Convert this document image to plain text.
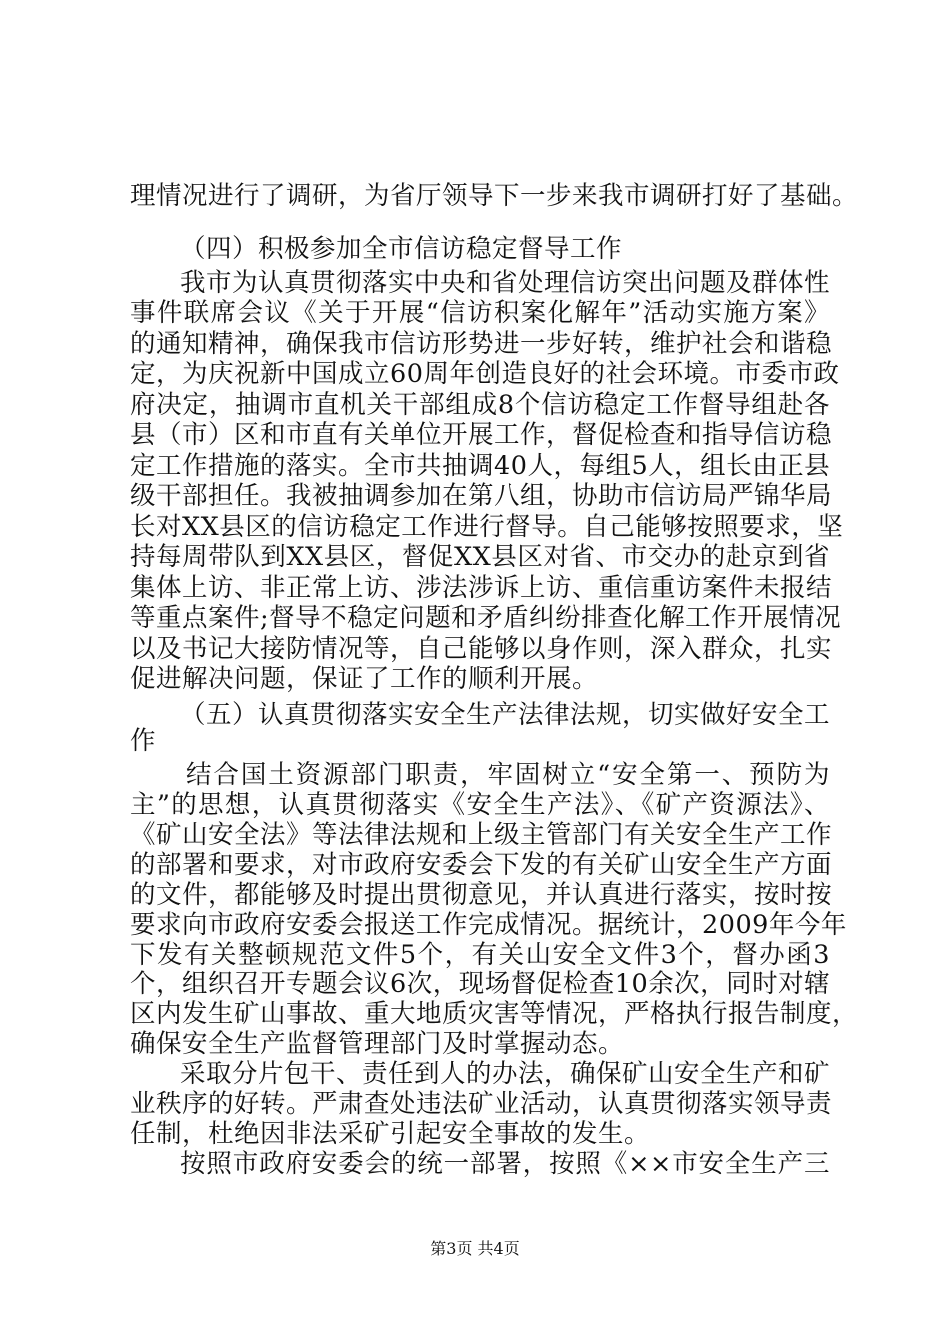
理情况进行了调研，为省厅领导下一步来我市调研打好了基础。
（四）积极参加全市信访稳定督导工作
我市为认真贯彻落实中央和省处理信访突出问题及群体性
事件联席会议《关于开展“信访积案化解年”活动实施方案》
的通知精神，确保我市信访形势进一步好转，维护社会和谐稳
定，为庆祝新中国成立60周年创造良好的社会环境。市委市政
府决定，抽调市直机关干部组成8个信访稳定工作督导组赴各
县（市）区和市直有关单位开展工作，督促检查和指导信访稳
定工作措施的落实。全市共抽调40人，每组5人，组长由正县
级干部担任。我被抽调参加在第八组，协助市信访局严锦华局
长对XX县区的信访稳定工作进行督导。自己能够按照要求，坚
持每周带队到XX县区，督促XX县区对省、市交办的赴京到省
集体上访、非正常上访、涉法涉诉上访、重信重访案件未报结
等重点案件;督导不稳定问题和矛盾纠纷排查化解工作开展情况
以及书记大接防情况等，自己能够以身作则，深入群众，扎实
促进解决问题，保证了工作的顺利开展。
（五）认真贯彻落实安全生产法律法规，切实做好安全工
作
结合国土资源部门职责，牢固树立“安全第一、预防为
主”的思想，认真贯彻落实《安全生产法》、《矿产资源法》、
《矿山安全法》等法律法规和上级主管部门有关安全生产工作
的部署和要求，对市政府安委会下发的有关矿山安全生产方面
的文件，都能够及时提出贯彻意见，并认真进行落实，按时按
要求向市政府安委会报送工作完成情况。据统计，2009年今年
下发有关整顿规范文件5个，有关山安全文件3个，督办函3
个，组织召开专题会议6次，现场督促检查10余次，同时对辖
区内发生矿山事故、重大地质灾害等情况，严格执行报告制度，
确保安全生产监督管理部门及时掌握动态。
采取分片包干、责任到人的办法，确保矿山安全生产和矿
业秩序的好转。严肃查处违法矿业活动，认真贯彻落实领导责
任制，杜绝因非法采矿引起安全事故的发生。
按照市政府安委会的统一部署，按照《××市安全生产三
第3页 共4页
